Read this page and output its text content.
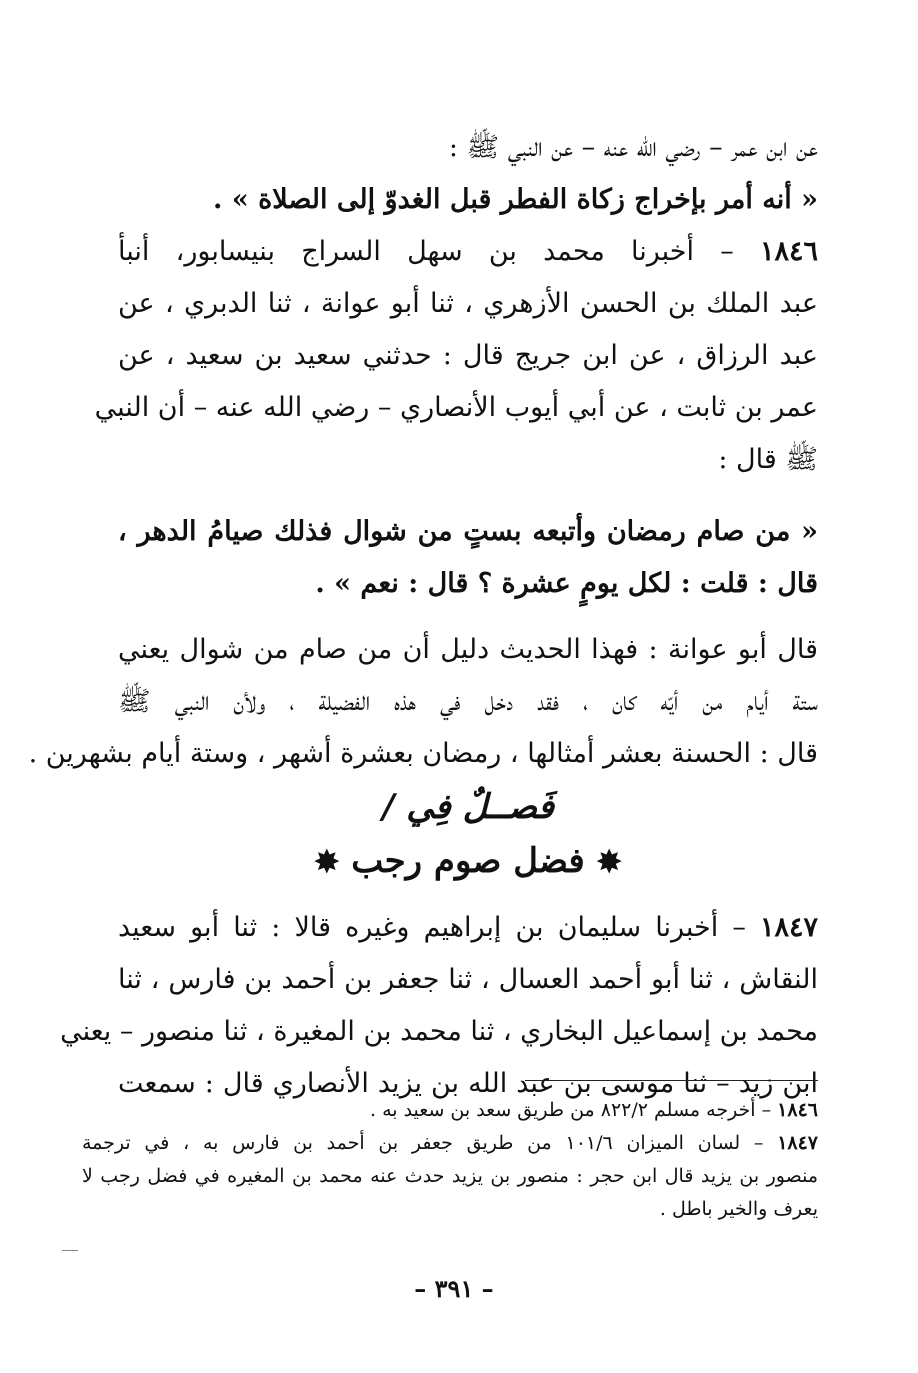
عن ابن عمر – رضي الله عنه – عن النبي ﷺ :
« أنه أمر بإخراج زكاة الفطر قبل الغدوّ إلى الصلاة » .
١٨٤٦ – أخبرنا محمد بن سهل السراج بنيسابور، أنبأ
عبد الملك بن الحسن الأزهري ، ثنا أبو عوانة ، ثنا الدبري ، عن
عبد الرزاق ، عن ابن جريج قال : حدثني سعيد بن سعيد ، عن
عمر بن ثابت ، عن أبي أيوب الأنصاري – رضي الله عنه – أن النبي
ﷺ قال :
« من صام رمضان وأتبعه بستٍ من شوال فذلك صيامُ الدهر ،
قال : قلت : لكل يومٍ عشرة ؟ قال : نعم » .
قال أبو عوانة : فهذا الحديث دليل أن من صام من شوال يعني
ستة أيام من أيّه كان ، فقد دخل في هذه الفضيلة ، ولأن النبي ﷺ
قال : الحسنة بعشر أمثالها ، رمضان بعشرة أشهر ، وستة أيام بشهرين .
فَصــلٌ فِي /
✸ فضل صوم رجب ✸
١٨٤٧ – أخبرنا سليمان بن إبراهيم وغيره قالا : ثنا أبو سعيد
النقاش ، ثنا أبو أحمد العسال ، ثنا جعفر بن أحمد بن فارس ، ثنا
محمد بن إسماعيل البخاري ، ثنا محمد بن المغيرة ، ثنا منصور – يعني
ابن زيد – ثنا موسى بن عبد الله بن يزيد الأنصاري قال : سمعت
١٨٤٦ – أخرجه مسلم ٨٢٢/٢ من طريق سعد بن سعيد به .
١٨٤٧ – لسان الميزان ١٠١/٦ من طريق جعفر بن أحمد بن فارس به ، في ترجمة
منصور بن يزيد قال ابن حجر : منصور بن يزيد حدث عنه محمد بن المغيره في فضل رجب لا
يعرف والخير باطل .
– ٣٩١ –
